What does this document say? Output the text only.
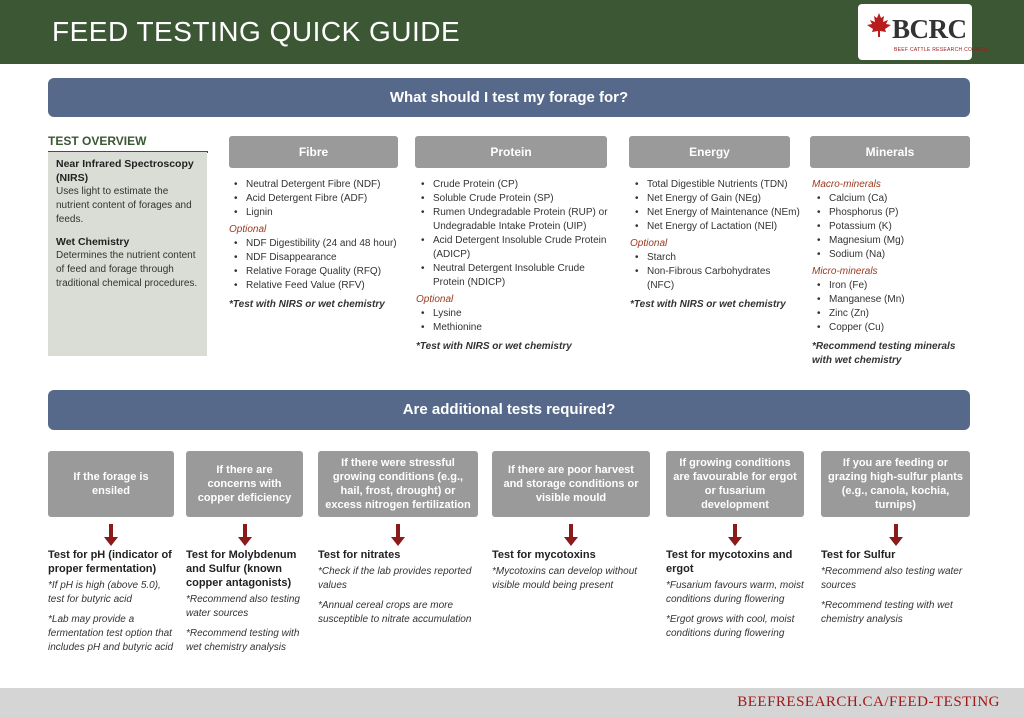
FEED TESTING QUICK GUIDE	BCRC
BEEF CATTLE RESEARCH COUNCIL
What should I test my forage for?
TEST OVERVIEW

Near Infrared Spectroscopy (NIRS)
Uses light to estimate the nutrient content of forages and feeds.

Wet Chemistry
Determines the nutrient content of feed and forage through traditional chemical procedures.

Fibre	Protein	Energy	Minerals
• Neutral Detergent Fibre (NDF)
• Acid Detergent Fibre (ADF)
• Lignin
Optional
• NDF Digestibility (24 and 48 hour)
• NDF Disappearance
• Relative Forage Quality (RFQ)
• Relative Feed Value (RFV)
*Test with NIRS or wet chemistry
• Crude Protein (CP)
• Soluble Crude Protein (SP)
• Rumen Undegradable Protein (RUP) or Undegradable Intake Protein (UIP)
• Acid Detergent Insoluble Crude Protein (ADICP)
• Neutral Detergent Insoluble Crude Protein (NDICP)
Optional
• Lysine
• Methionine
*Test with NIRS or wet chemistry
• Total Digestible Nutrients (TDN)
• Net Energy of Gain (NEg)
• Net Energy of Maintenance (NEm)
• Net Energy of Lactation (NEl)
Optional
• Starch
• Non-Fibrous Carbohydrates (NFC)
*Test with NIRS or wet chemistry
Macro-minerals
• Calcium (Ca)
• Phosphorus (P)
• Potassium (K)
• Magnesium (Mg)
• Sodium (Na)
Micro-minerals
• Iron (Fe)
• Manganese (Mn)
• Zinc (Zn)
• Copper (Cu)
*Recommend testing minerals with wet chemistry
Are additional tests required?
If the forage is ensiled
If there are concerns with copper deficiency
If there were stressful growing conditions (e.g., hail, frost, drought) or excess nitrogen fertilization
If there are poor harvest and storage conditions or visible mould
If growing conditions are favourable for ergot or fusarium development
If you are feeding or grazing high-sulfur plants (e.g., canola, kochia, turnips)
Test for pH (indicator of proper fermentation)
*If pH is high (above 5.0), test for butyric acid
*Lab may provide a fermentation test option that includes pH and butyric acid
Test for Molybdenum and Sulfur (known copper antagonists)
*Recommend also testing water sources
*Recommend testing with wet chemistry analysis
Test for nitrates
*Check if the lab provides reported values
*Annual cereal crops are more susceptible to nitrate accumulation
Test for mycotoxins
*Mycotoxins can develop without visible mould being present
Test for mycotoxins and ergot
*Fusarium favours warm, moist conditions during flowering
*Ergot grows with cool, moist conditions during flowering
Test for Sulfur
*Recommend also testing water sources
*Recommend testing with wet chemistry analysis
BEEFRESEARCH.CA/FEED-TESTING
